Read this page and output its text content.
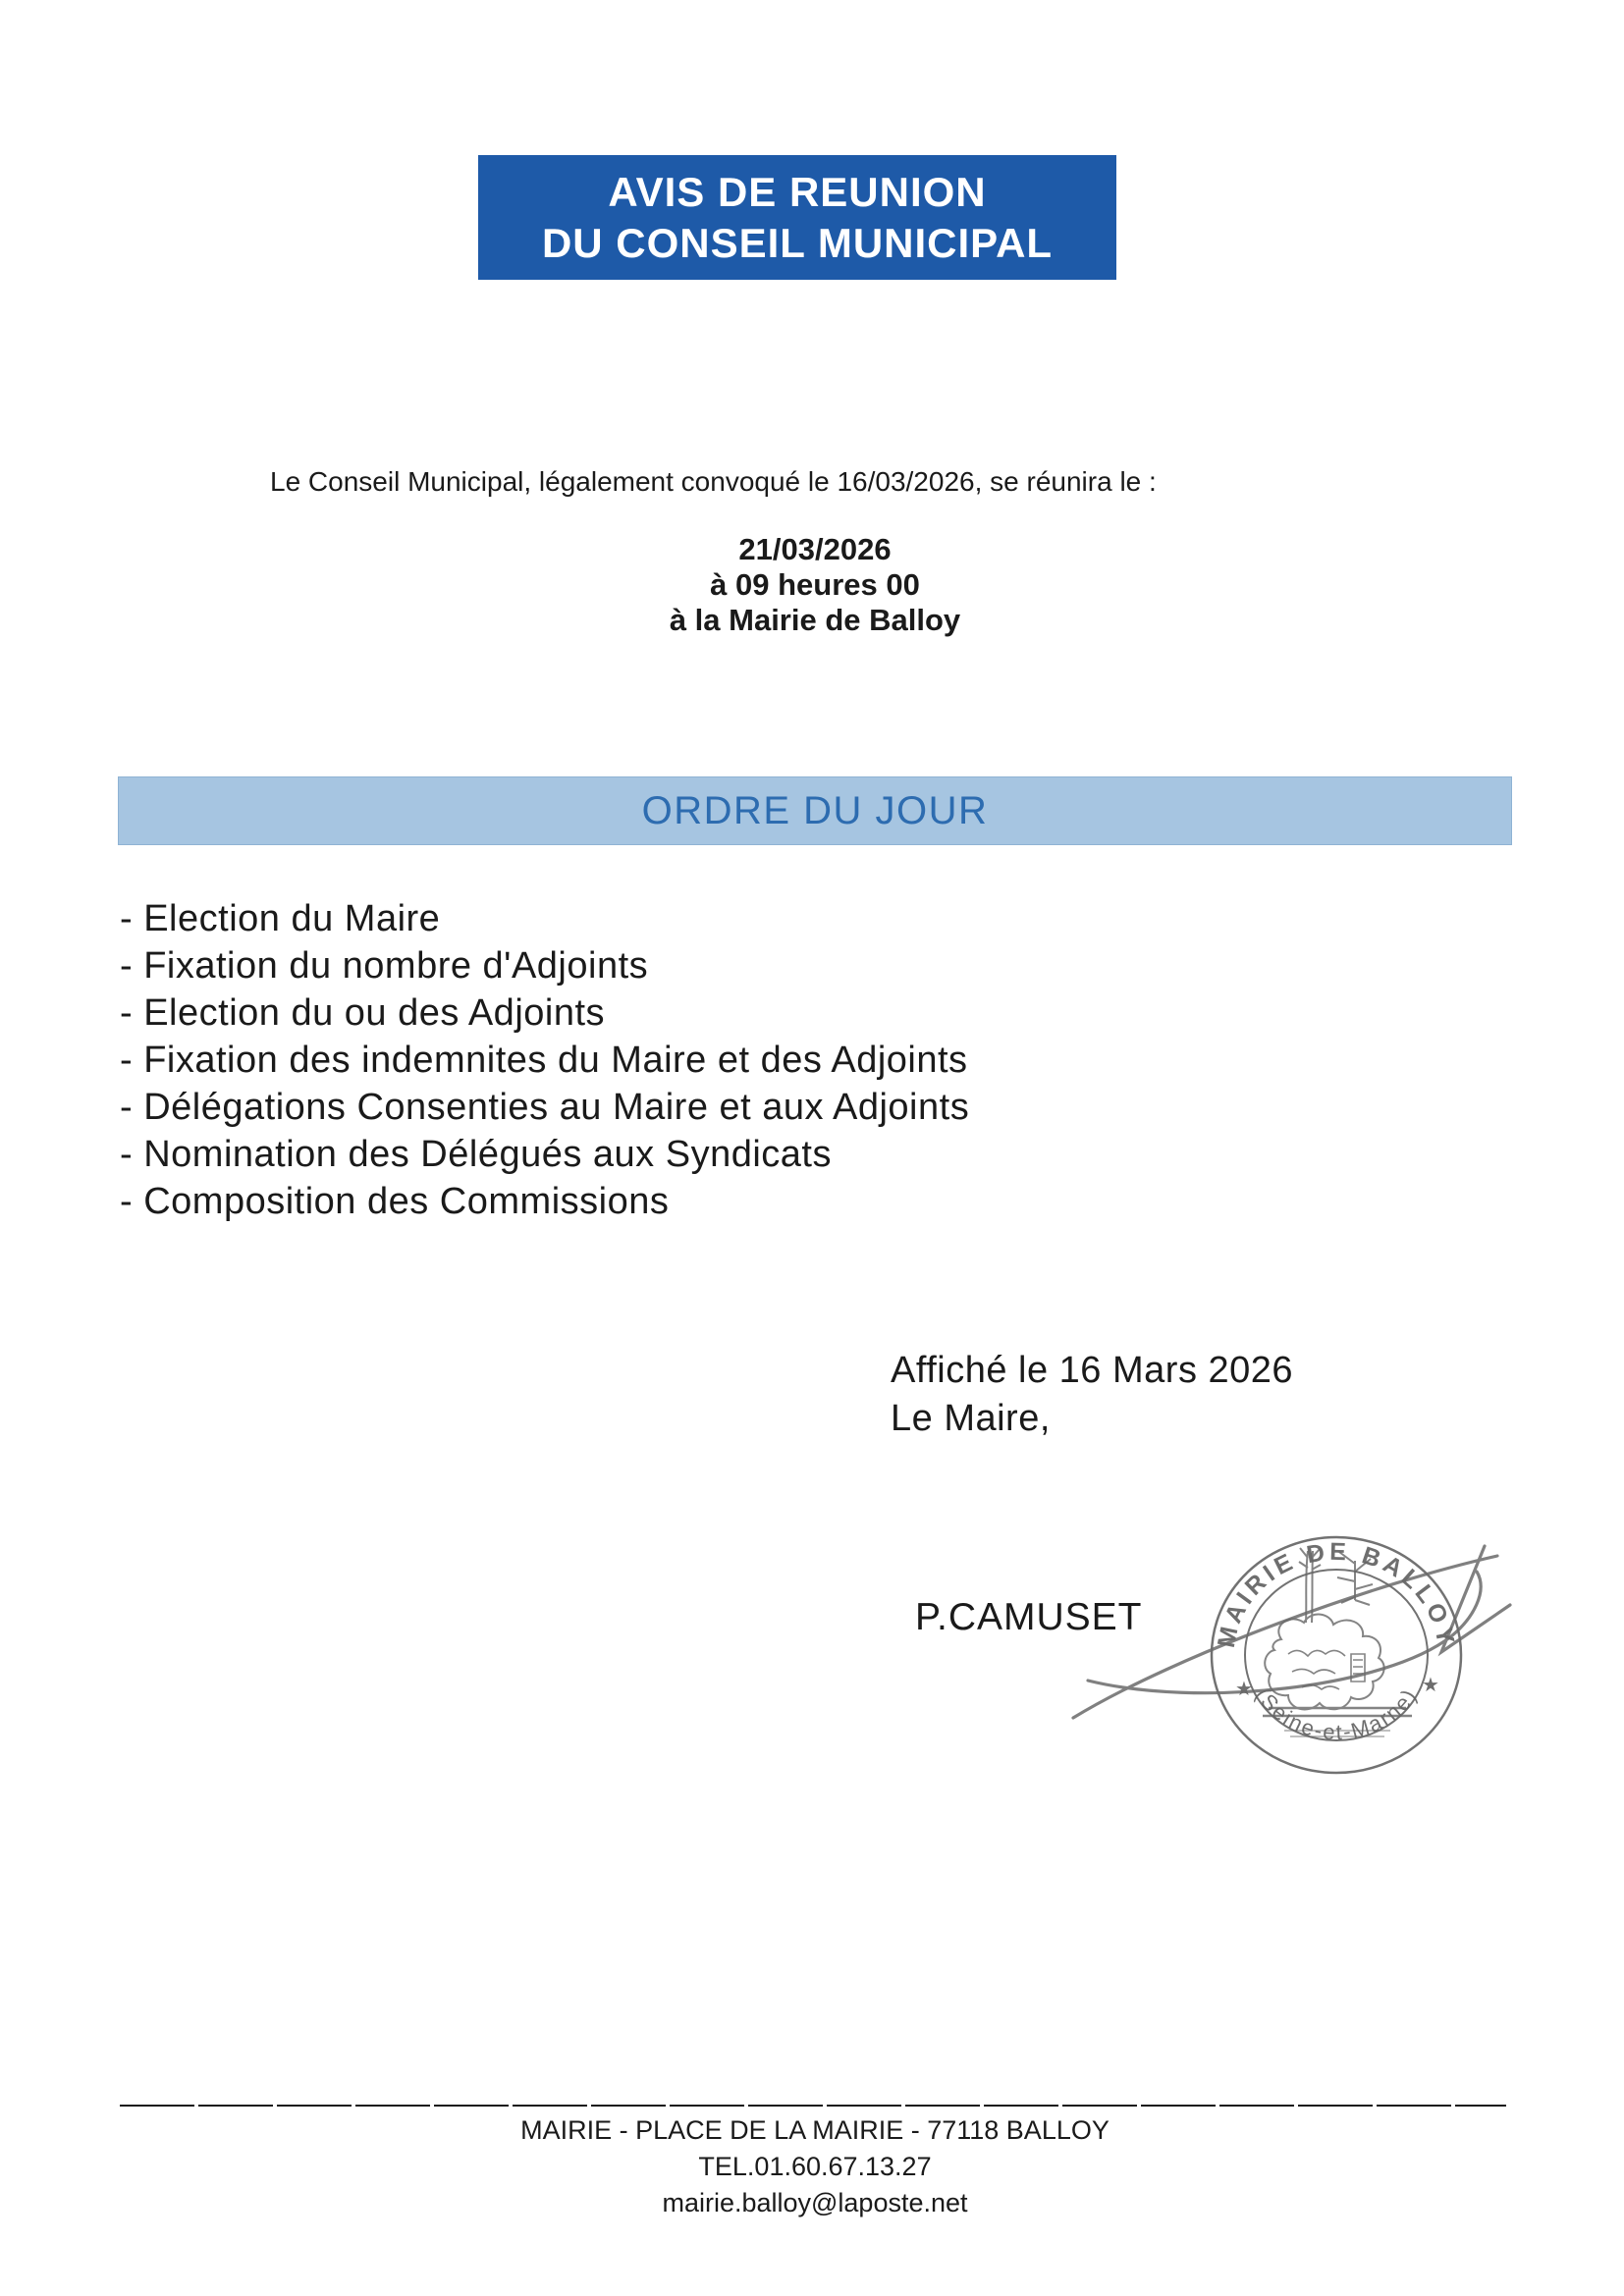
AVIS DE REUNION
DU CONSEIL MUNICIPAL
Le Conseil Municipal, légalement convoqué le 16/03/2026, se réunira le :
21/03/2026
à 09 heures 00
à la Mairie de Balloy
ORDRE DU JOUR
- Election du Maire
- Fixation du nombre d'Adjoints
- Election du ou des Adjoints
- Fixation des indemnites du Maire et des Adjoints
- Délégations Consenties au Maire et aux Adjoints
- Nomination des Délégués aux Syndicats
- Composition des Commissions
Affiché le 16 Mars 2026
Le Maire,
P.CAMUSET	MAIRIE DE BALLOY
(Seine-et-Marne)
★	★
MAIRIE - PLACE DE LA MAIRIE - 77118 BALLOY
TEL.01.60.67.13.27
mairie.balloy@laposte.net
